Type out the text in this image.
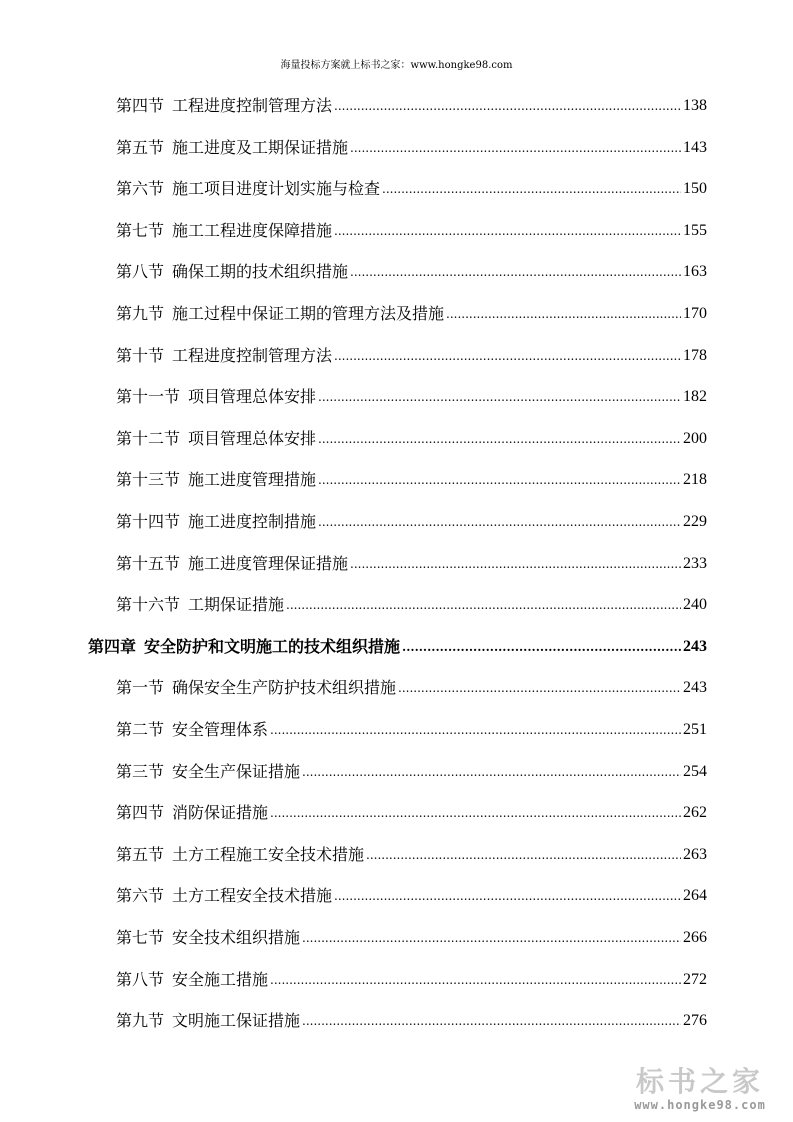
海量投标方案就上标书之家：www.hongke98.com
第四节 工程进度控制管理方法 .....	138
第五节 施工进度及工期保证措施 .....	143
第六节 施工项目进度计划实施与检查 .....	150
第七节 施工工程进度保障措施 .....	155
第八节 确保工期的技术组织措施 .....	163
第九节 施工过程中保证工期的管理方法及措施 .....	170
第十节 工程进度控制管理方法 .....	178
第十一节 项目管理总体安排 .....	182
第十二节 项目管理总体安排 .....	200
第十三节 施工进度管理措施 .....	218
第十四节 施工进度控制措施 .....	229
第十五节 施工进度管理保证措施 .....	233
第十六节 工期保证措施 .....	240
第四章 安全防护和文明施工的技术组织措施 .....	243
第一节 确保安全生产防护技术组织措施 .....	243
第二节 安全管理体系 .....	251
第三节 安全生产保证措施 .....	254
第四节 消防保证措施 .....	262
第五节 土方工程施工安全技术措施 .....	263
第六节 土方工程安全技术措施 .....	264
第七节 安全技术组织措施 .....	266
第八节 安全施工措施 .....	272
第九节 文明施工保证措施 .....	276
标书之家
www.hongke98.com
